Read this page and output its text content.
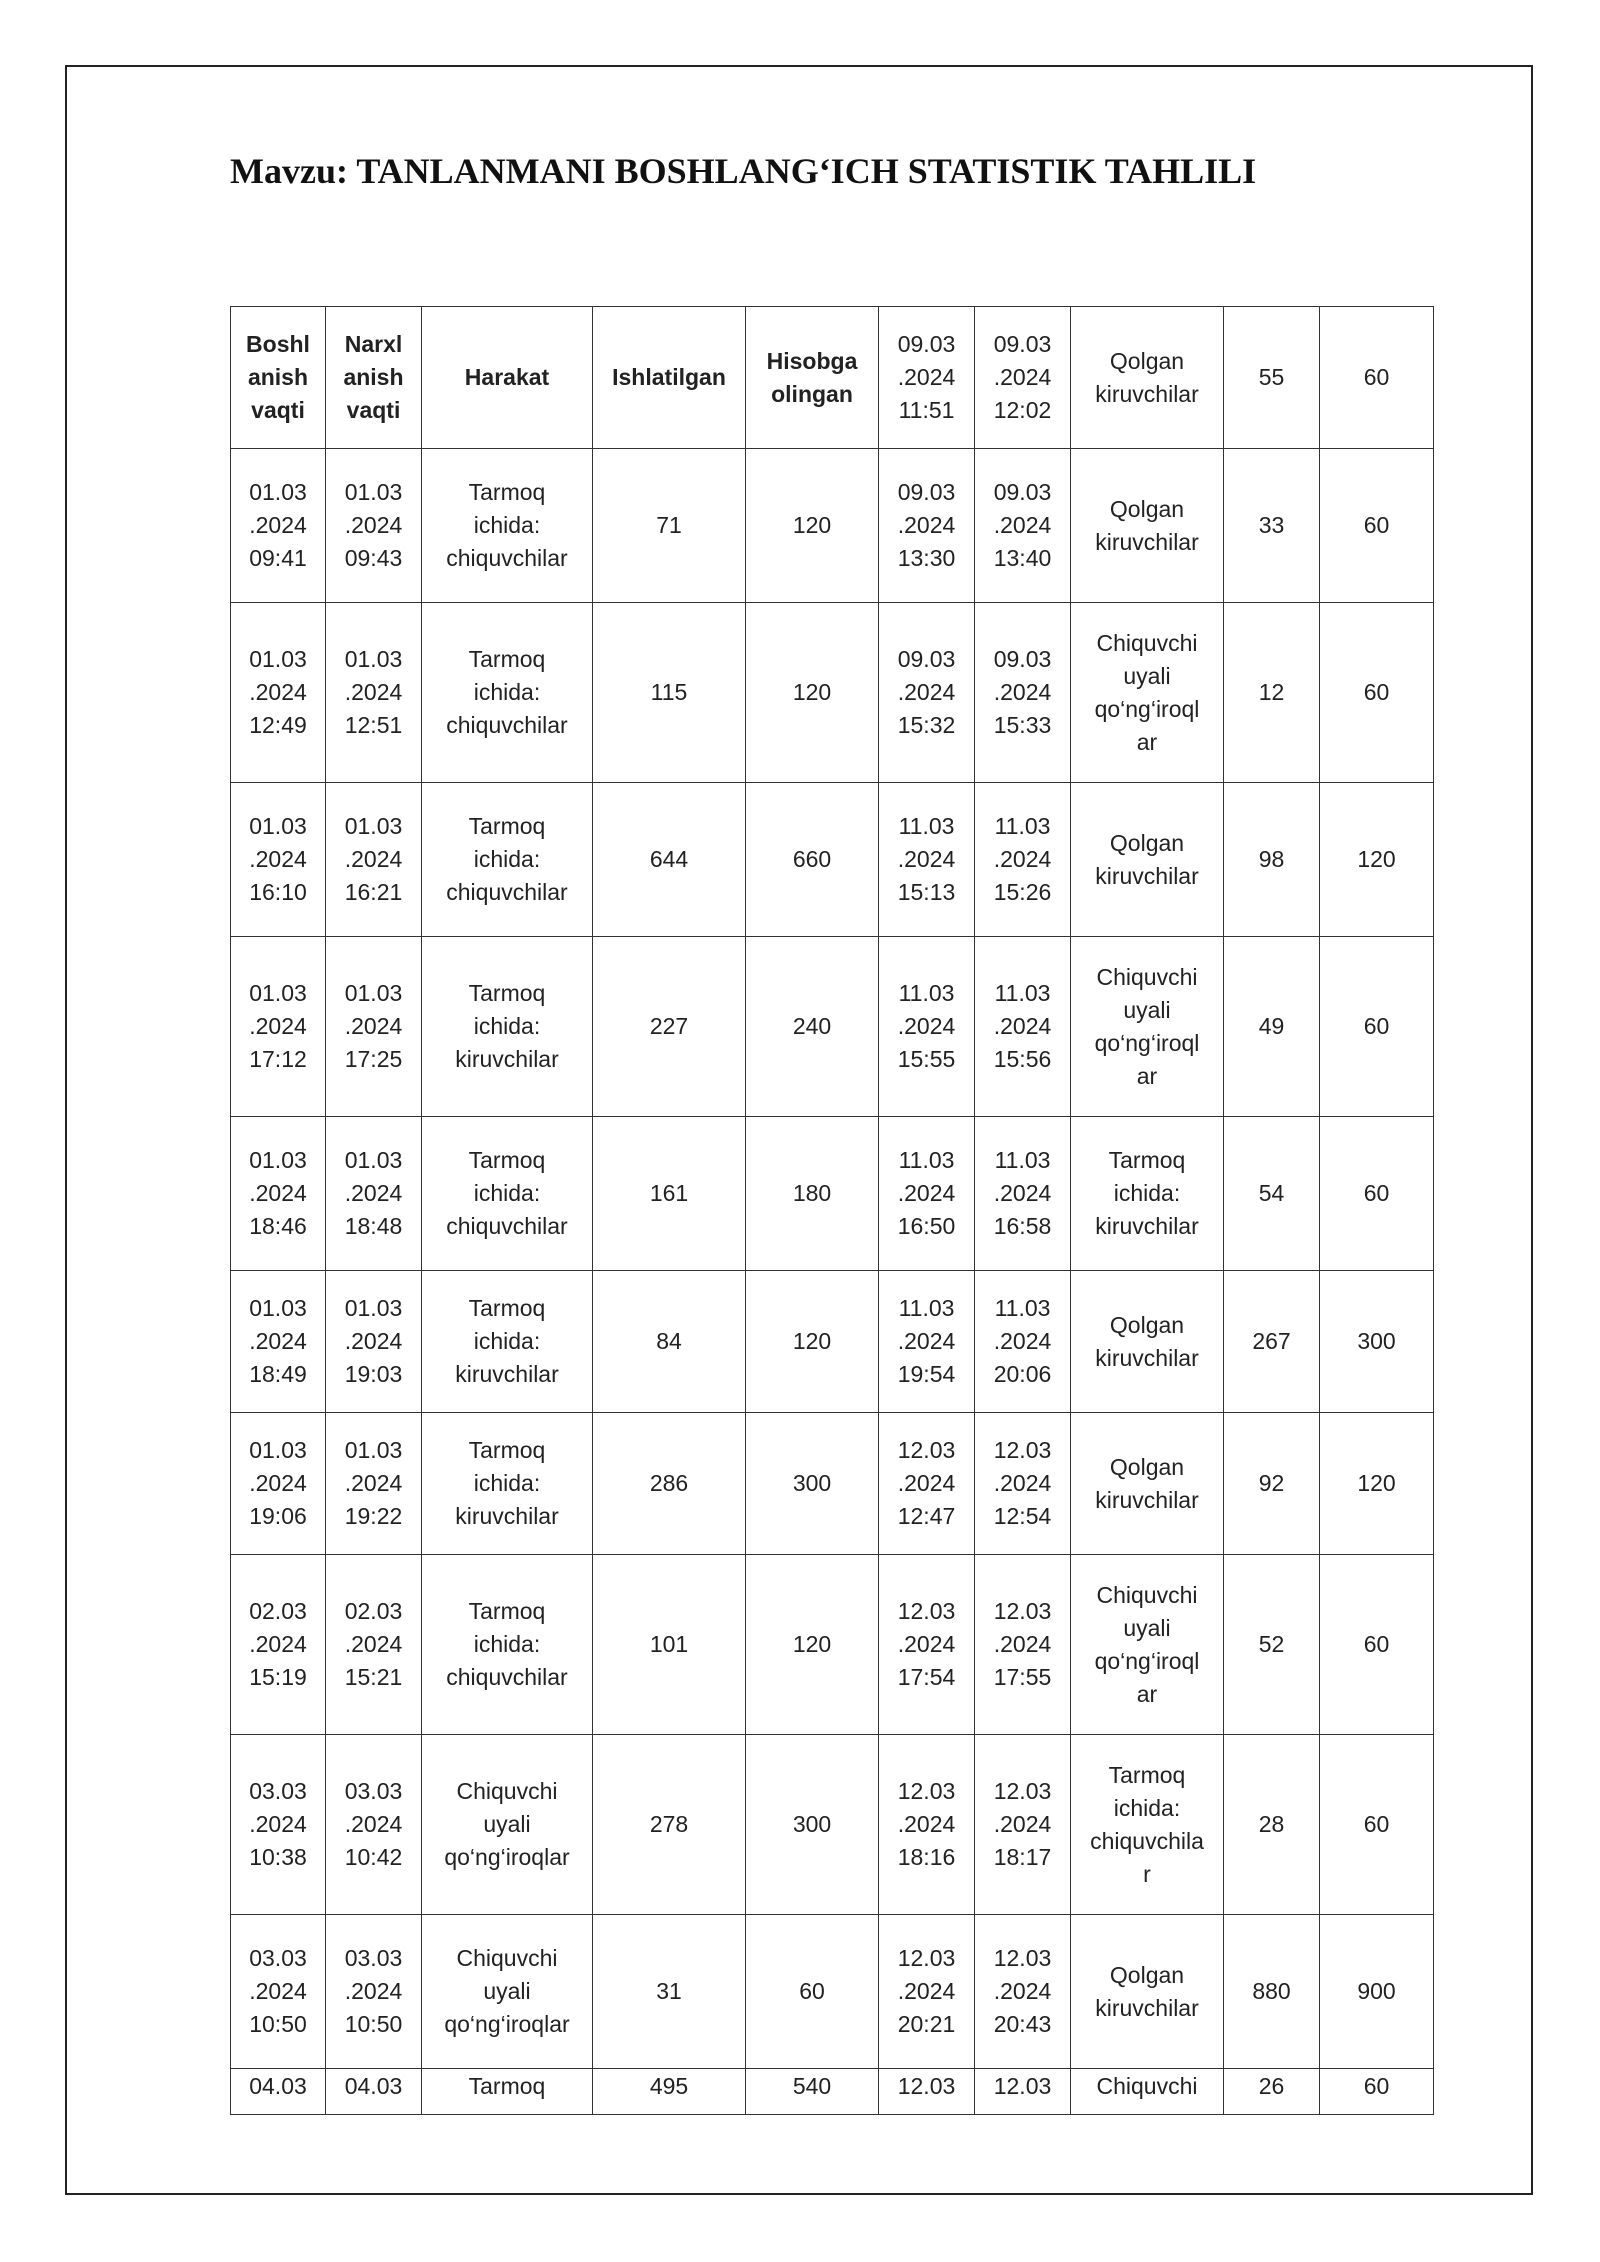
Mavzu: TANLANMANI BOSHLANG‘ICH STATISTIK TAHLILI
Boshl
anish
vaqti	Narxl
anish
vaqti	Harakat	Ishlatilgan	Hisobga
olingan	09.03
.2024
11:51	09.03
.2024
12:02	Qolgan
kiruvchilar	55	60
01.03
.2024
09:41	01.03
.2024
09:43	Tarmoq
ichida:
chiquvchilar	71	120	09.03
.2024
13:30	09.03
.2024
13:40	Qolgan
kiruvchilar	33	60
01.03
.2024
12:49	01.03
.2024
12:51	Tarmoq
ichida:
chiquvchilar	115	120	09.03
.2024
15:32	09.03
.2024
15:33	Chiquvchi
uyali
qo‘ng‘iroql
ar	12	60
01.03
.2024
16:10	01.03
.2024
16:21	Tarmoq
ichida:
chiquvchilar	644	660	11.03
.2024
15:13	11.03
.2024
15:26	Qolgan
kiruvchilar	98	120
01.03
.2024
17:12	01.03
.2024
17:25	Tarmoq
ichida:
kiruvchilar	227	240	11.03
.2024
15:55	11.03
.2024
15:56	Chiquvchi
uyali
qo‘ng‘iroql
ar	49	60
01.03
.2024
18:46	01.03
.2024
18:48	Tarmoq
ichida:
chiquvchilar	161	180	11.03
.2024
16:50	11.03
.2024
16:58	Tarmoq
ichida:
kiruvchilar	54	60
01.03
.2024
18:49	01.03
.2024
19:03	Tarmoq
ichida:
kiruvchilar	84	120	11.03
.2024
19:54	11.03
.2024
20:06	Qolgan
kiruvchilar	267	300
01.03
.2024
19:06	01.03
.2024
19:22	Tarmoq
ichida:
kiruvchilar	286	300	12.03
.2024
12:47	12.03
.2024
12:54	Qolgan
kiruvchilar	92	120
02.03
.2024
15:19	02.03
.2024
15:21	Tarmoq
ichida:
chiquvchilar	101	120	12.03
.2024
17:54	12.03
.2024
17:55	Chiquvchi
uyali
qo‘ng‘iroql
ar	52	60
03.03
.2024
10:38	03.03
.2024
10:42	Chiquvchi
uyali
qo‘ng‘iroqlar	278	300	12.03
.2024
18:16	12.03
.2024
18:17	Tarmoq
ichida:
chiquvchila
r	28	60
03.03
.2024
10:50	03.03
.2024
10:50	Chiquvchi
uyali
qo‘ng‘iroqlar	31	60	12.03
.2024
20:21	12.03
.2024
20:43	Qolgan
kiruvchilar	880	900
04.03	04.03	Tarmoq	495	540	12.03	12.03	Chiquvchi	26	60
